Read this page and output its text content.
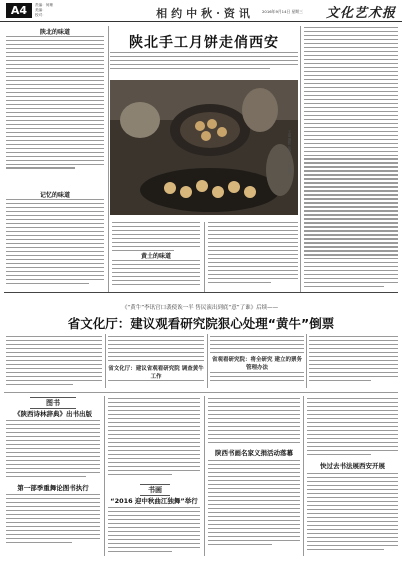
A4	责编：何珊
美编：
校对：	相约中秋·资讯	2016年9月14日 星期三 文化艺术报
陕北的味道
记忆的味道
陕北手工月饼走俏西安
王晶 摄影 张君 手工月饼制作
黄土的味道
《“黄牛”李讯官口袭使诶一半 售民演出到底“意”了谁》后续——
省文化厅：建议观看研究院狠心处理“黄牛”倒票
省文化厅：建议省观看研究院 调查黄牛工作
省观看研究院：将全研究 建立的票务管理办法
图书
《陕西诗林辞典》出书出版
第一部季重舞论图书执行	书画
“2016 迎中秋曲江独舞”举行
陕西书画名家义捐活动落幕
快过去书法展西安开展
